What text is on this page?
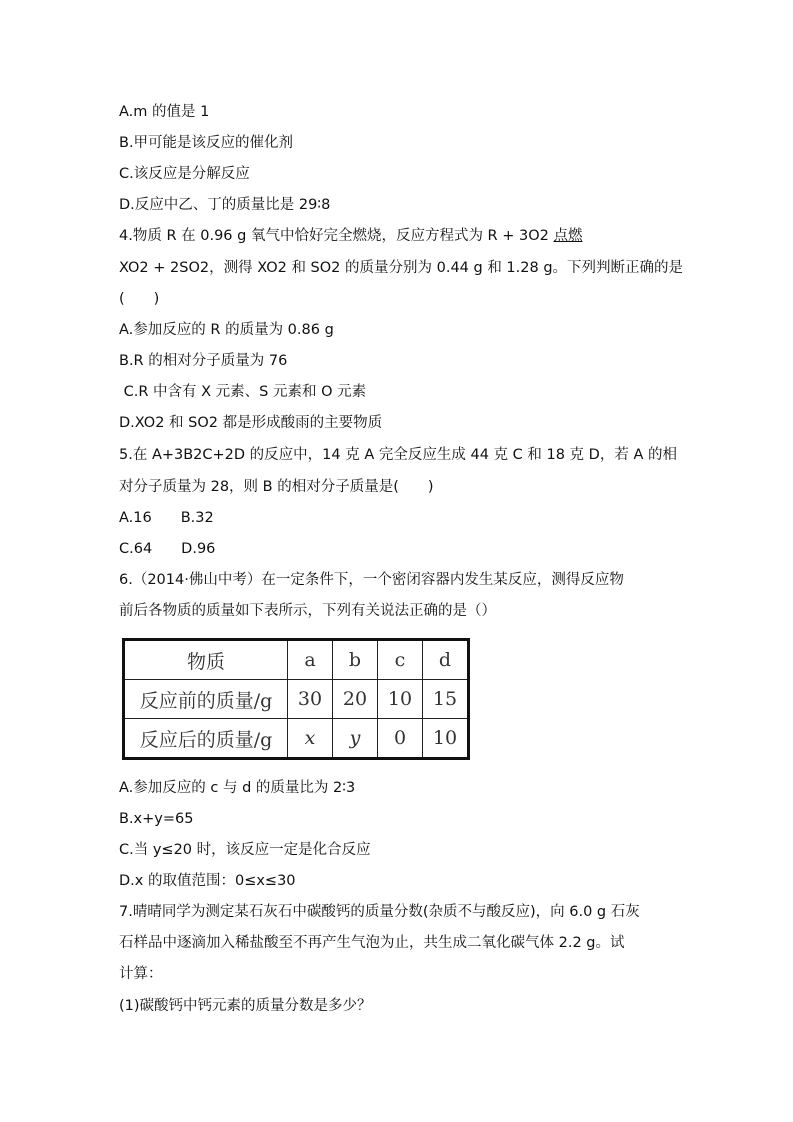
A.m 的值是 1
B.甲可能是该反应的催化剂
C.该反应是分解反应
D.反应中乙、丁的质量比是 29∶8
4.物质 R 在 0.96 g 氧气中恰好完全燃烧，反应方程式为 R + 3O2 点燃
XO2 + 2SO2，测得 XO2 和 SO2 的质量分别为 0.44 g 和 1.28 g。下列判断正确的是
(　　)
A.参加反应的 R 的质量为 0.86 g
B.R 的相对分子质量为 76
C.R 中含有 X 元素、S 元素和 O 元素
D.XO2 和 SO2 都是形成酸雨的主要物质
5.在 A+3B2C+2D 的反应中，14 克 A 完全反应生成 44 克 C 和 18 克 D，若 A 的相
对分子质量为 28，则 B 的相对分子质量是(　　)
A.16　　B.32
C.64　　D.96
6.（2014·佛山中考）在一定条件下，一个密闭容器内发生某反应，测得反应物
前后各物质的质量如下表所示，下列有关说法正确的是（）
物质	a	b	c	d
反应前的质量/g	30	20	10	15
反应后的质量/g	x	y	0	10
A.参加反应的 c 与 d 的质量比为 2∶3
B.x+y=65
C.当 y≤20 时，该反应一定是化合反应
D.x 的取值范围：0≤x≤30
7.晴晴同学为测定某石灰石中碳酸钙的质量分数(杂质不与酸反应)，向 6.0 g 石灰
石样品中逐滴加入稀盐酸至不再产生气泡为止，共生成二氧化碳气体 2.2 g。试
计算：
(1)碳酸钙中钙元素的质量分数是多少？
